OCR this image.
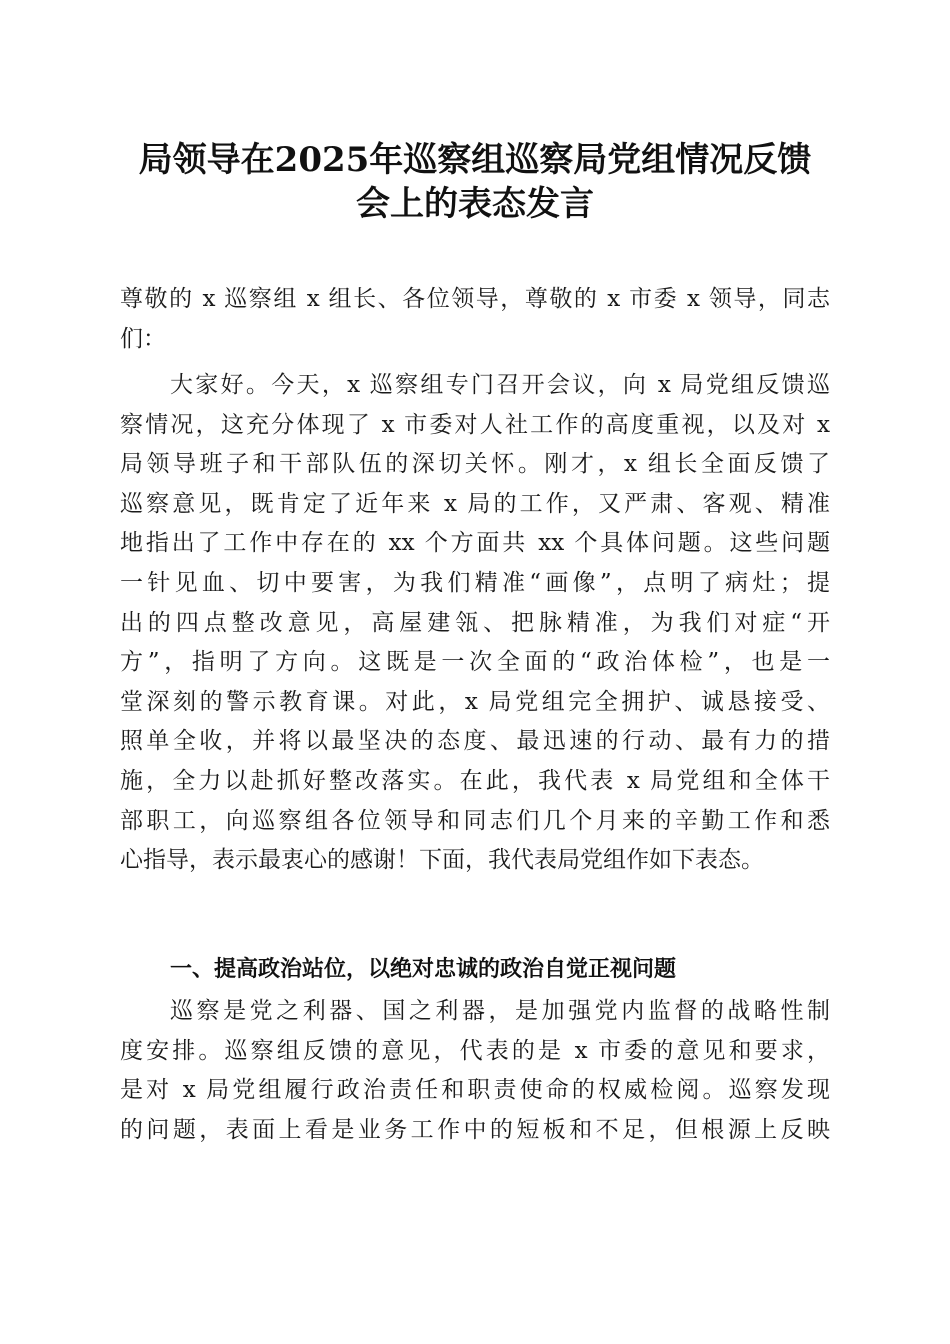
局领导在2025年巡察组巡察局党组情况反馈
会上的表态发言
尊敬的 x 巡察组 x 组长、各位领导，尊敬的 x 市委 x 领导，同志
们：
大家好。今天，x 巡察组专门召开会议，向 x 局党组反馈巡
察情况，这充分体现了 x 市委对人社工作的高度重视，以及对 x
局领导班子和干部队伍的深切关怀。刚才，x 组长全面反馈了
巡察意见，既肯定了近年来 x 局的工作，又严肃、客观、精准
地指出了工作中存在的 xx 个方面共 xx 个具体问题。这些问题
一针见血、切中要害，为我们精准“画像”，点明了病灶；提
出的四点整改意见，高屋建瓴、把脉精准，为我们对症“开
方”，指明了方向。这既是一次全面的“政治体检”，也是一
堂深刻的警示教育课。对此，x 局党组完全拥护、诚恳接受、
照单全收，并将以最坚决的态度、最迅速的行动、最有力的措
施，全力以赴抓好整改落实。在此，我代表 x 局党组和全体干
部职工，向巡察组各位领导和同志们几个月来的辛勤工作和悉
心指导，表示最衷心的感谢！下面，我代表局党组作如下表态。
一、提高政治站位，以绝对忠诚的政治自觉正视问题
巡察是党之利器、国之利器，是加强党内监督的战略性制
度安排。巡察组反馈的意见，代表的是 x 市委的意见和要求，
是对 x 局党组履行政治责任和职责使命的权威检阅。巡察发现
的问题，表面上看是业务工作中的短板和不足，但根源上反映
